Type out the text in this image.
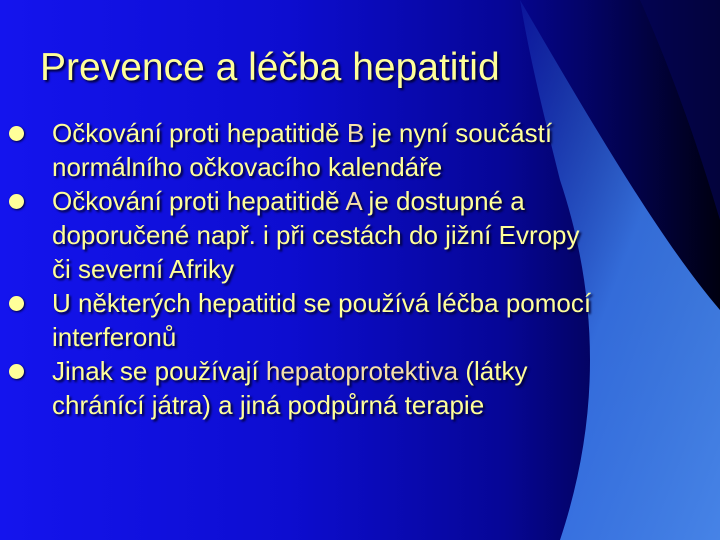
Prevence a léčba hepatitid
Očkování proti hepatitidě B je nyní součástí
normálního očkovacího kalendáře
Očkování proti hepatitidě A je dostupné a
doporučené např. i při cestách do jižní Evropy
či severní Afriky
U některých hepatitid se používá léčba pomocí
interferonů
Jinak se používají hepatoprotektiva (látky
chránící játra) a jiná podpůrná terapie
